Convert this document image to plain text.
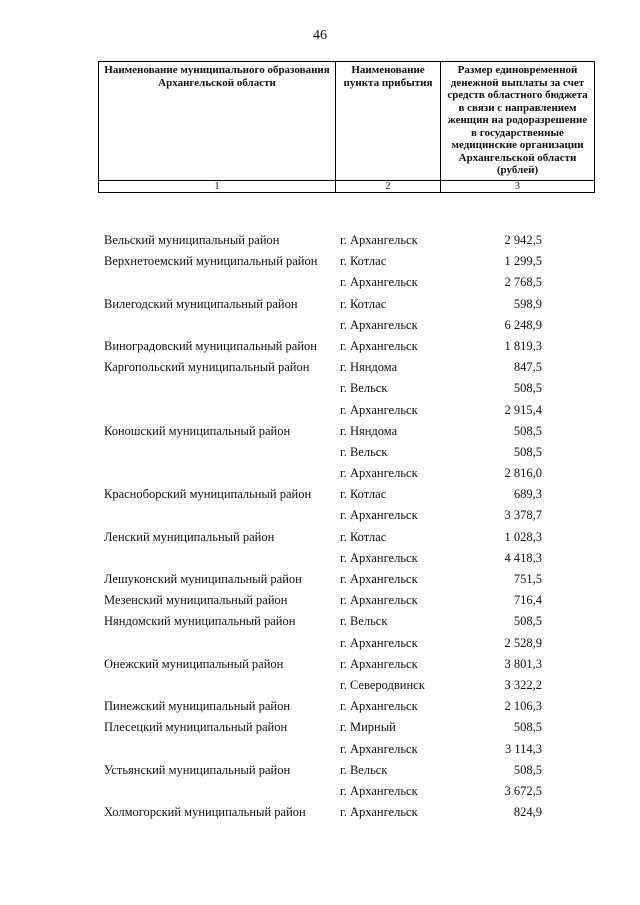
46
Наименование муниципального образования Архангельской области	Наименование пункта прибытия	Размер единовременной денежной выплаты за счет средств областного бюджета в связи с направлением женщин на родоразрешение в государственные медицинские организации Архангельской области (рублей)
1	2	3
Вельский муниципальный район	г. Архангельск	2 942,5
Верхнетоемский муниципальный район г. Котлас	1 299,5
г. Архангельск	2 768,5
Вилегодский муниципальный район	г. Котлас	598,9
г. Архангельск	6 248,9
Виноградовский муниципальный район г. Архангельск	1 819,3
Каргопольский муниципальный район г. Няндома	847,5
г. Вельск	508,5
г. Архангельск	2 915,4
Коношский муниципальный район	г. Няндома	508,5
г. Вельск	508,5
г. Архангельск	2 816,0
Красноборский муниципальный район г. Котлас	689,3
г. Архангельск	3 378,7
Ленский муниципальный район	г. Котлас	1 028,3
г. Архангельск	4 418,3
Лешуконский муниципальный район	г. Архангельск	751,5
Мезенский муниципальный район	г. Архангельск	716,4
Няндомский муниципальный район	г. Вельск	508,5
г. Архангельск	2 528,9
Онежский муниципальный район	г. Архангельск	3 801,3
г. Северодвинск	3 322,2
Пинежский муниципальный район	г. Архангельск	2 106,3
Плесецкий муниципальный район	г. Мирный	508,5
г. Архангельск	3 114,3
Устьянский муниципальный район	г. Вельск	508,5
г. Архангельск	3 672,5
Холмогорский муниципальный район	г. Архангельск	824,9
